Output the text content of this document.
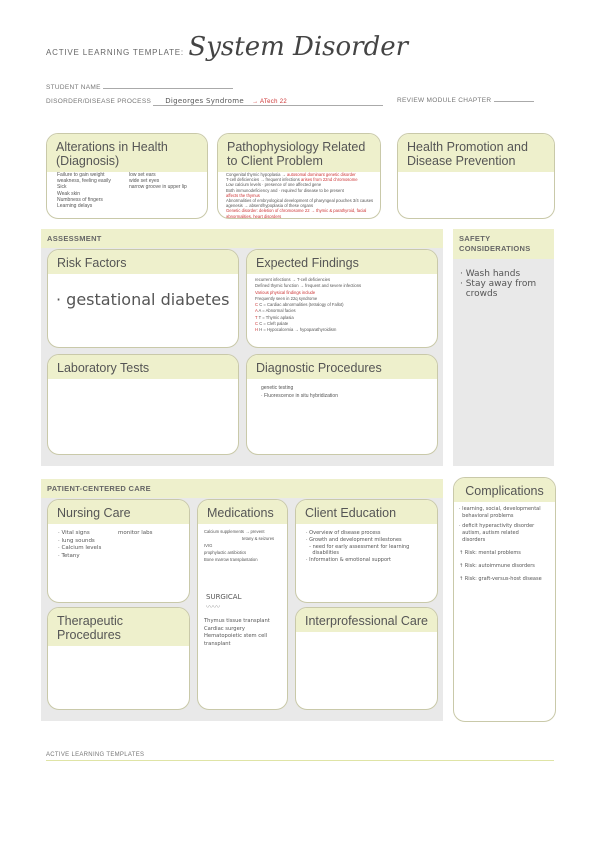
ACTIVE LEARNING TEMPLATE: System Disorder
STUDENT NAME
DISORDER/DISEASE PROCESS Digeorges Syndrome → ATech 22	REVIEW MODULE CHAPTER
Alterations in Health (Diagnosis)
Failure to gain weight
weakness, feeling easily
Sick
Weak skin
Numbness of fingers
Learning delays
low set ears
wide set eyes
narrow groove in upper lip
Pathophysiology Related to Client Problem
Congenital thymic hypoplasia → autosomal dominant genetic disorder
T-cell deficiencies → frequent infections arises from 22nd chromosome
Low calcium levels · presence of one affected gene
Both immunodeficiency and · required for disease to be present
affects the thymus
Abnormalities of embryological development of pharyngeal pouches 3/4 causes
agenesis → absent/hypoplasia of these organs
Genetic disorder: deletion of chromosome 22 → thymic & parathyroid, facial abnormalities, heart disorders
Health Promotion and Disease Prevention
ASSESSMENT
Risk Factors
· gestational diabetes
Expected Findings
recurrent infections → T-cell deficiencies
Defined thymic function → frequent and severe infections
Various physical findings include
Frequently seen in 22q syndrome
C C = Cardiac abnormalities (tetralogy of Fallot)
A A = Abnormal facies
T T = Thymic aplasia
C C = Cleft palate
H H = Hypocalcemia → hypoparathyroidism
Laboratory Tests	Diagnostic Procedures
genetic testing
· Fluorescence in situ hybridization
SAFETY CONSIDERATIONS
· Wash hands
· Stay away from
crowds
PATIENT-CENTERED CARE
Nursing Care
· Vital signs
· lung sounds
· Calcium levels
· Tetany
monitor labs
Medications
Calcium supplements → prevent
tetany & seizures
IVIG
prophylactic antibiotics
Bone marrow transplantation
SURGICAL
〰〰
Thymus tissue transplant
Cardiac surgery
Hematopoietic stem cell
transplant
Client Education
· Overview of disease process
· Growth and development milestones
- need for early assessment for learning
disabilities
· Information & emotional support
Therapeutic Procedures
Interprofessional Care
Complications
· learning, social, developmental
behavioral problems
· deficit hyperactivity disorder
autism, autism related
disorders
↑ Risk: mental problems
↑ Risk: autoimmune disorders
↑ Risk: graft-versus-host disease
ACTIVE LEARNING TEMPLATES
